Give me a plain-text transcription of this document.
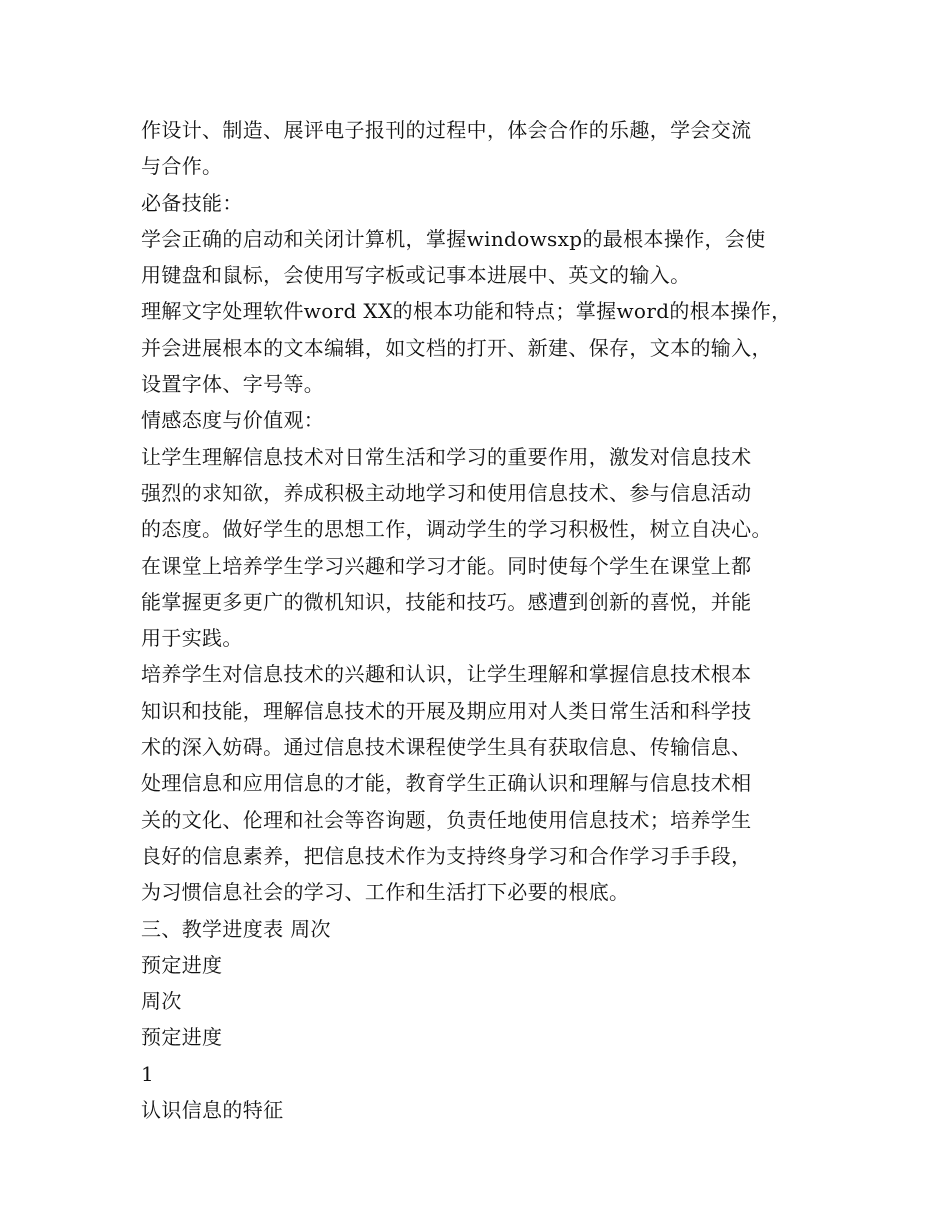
作设计、制造、展评电子报刊的过程中，体会合作的乐趣，学会交流
与合作。
必备技能：
学会正确的启动和关闭计算机，掌握windowsxp的最根本操作，会使
用键盘和鼠标，会使用写字板或记事本进展中、英文的输入。
理解文字处理软件word XX的根本功能和特点；掌握word的根本操作，
并会进展根本的文本编辑，如文档的打开、新建、保存，文本的输入，
设置字体、字号等。
情感态度与价值观：
让学生理解信息技术对日常生活和学习的重要作用，激发对信息技术
强烈的求知欲，养成积极主动地学习和使用信息技术、参与信息活动
的态度。做好学生的思想工作，调动学生的学习积极性，树立自决心。
在课堂上培养学生学习兴趣和学习才能。同时使每个学生在课堂上都
能掌握更多更广的微机知识，技能和技巧。感遭到创新的喜悦，并能
用于实践。
培养学生对信息技术的兴趣和认识，让学生理解和掌握信息技术根本
知识和技能，理解信息技术的开展及期应用对人类日常生活和科学技
术的深入妨碍。通过信息技术课程使学生具有获取信息、传输信息、
处理信息和应用信息的才能，教育学生正确认识和理解与信息技术相
关的文化、伦理和社会等咨询题，负责任地使用信息技术；培养学生
良好的信息素养，把信息技术作为支持终身学习和合作学习手手段，
为习惯信息社会的学习、工作和生活打下必要的根底。
三、教学进度表 周次
预定进度
周次
预定进度
1
认识信息的特征
